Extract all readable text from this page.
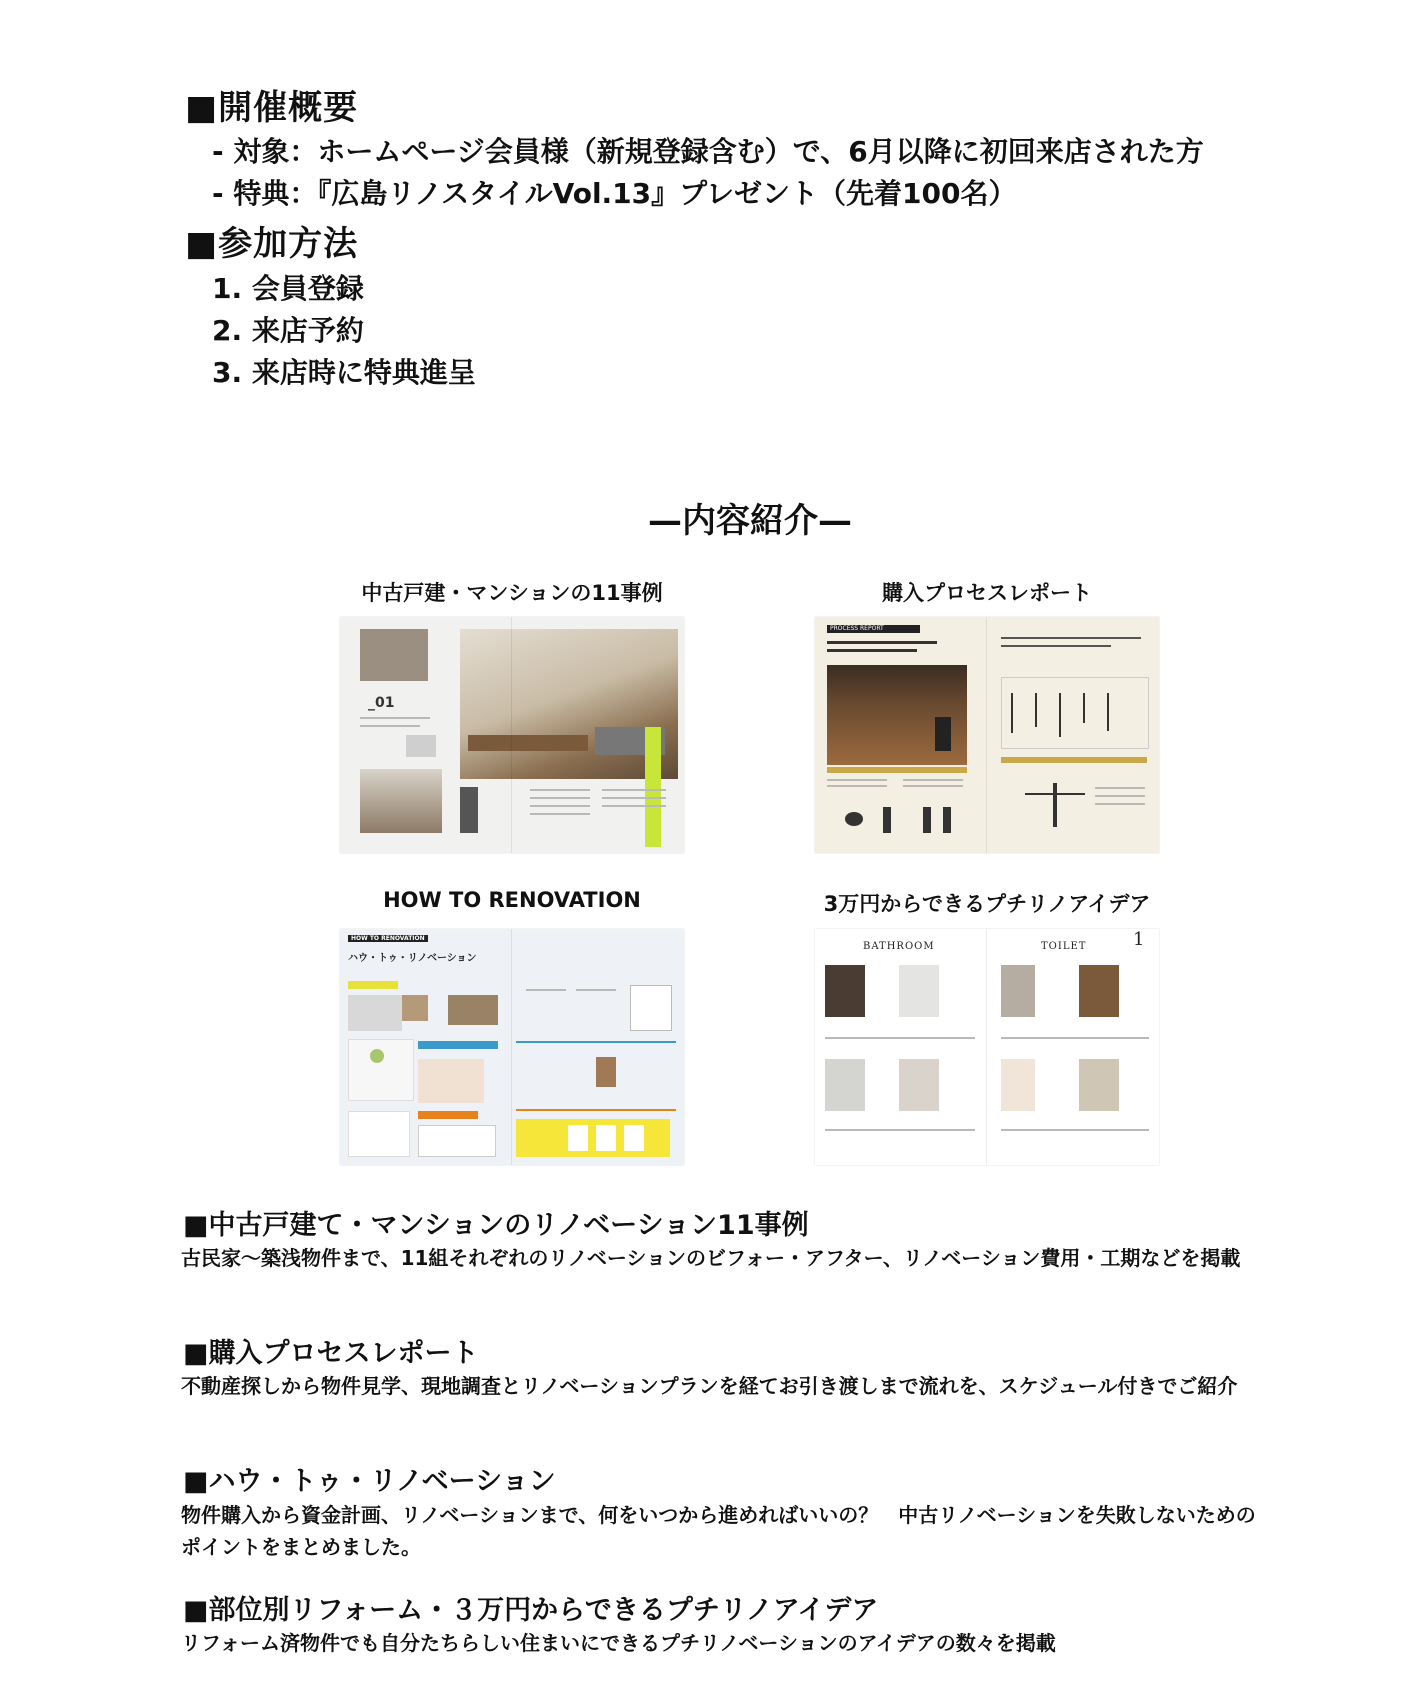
■開催概要
- 対象：ホームページ会員様（新規登録含む）で、6月以降に初回来店された方
- 特典：『広島リノスタイルVol.13』プレゼント（先着100名）
■参加方法
1. 会員登録
2. 来店予約
3. 来店時に特典進呈
—内容紹介—
中古戸建・マンションの11事例	購入プロセスレポート
HOW TO RENOVATION	3万円からできるプチリノアイデア
_01
PROCESS REPORT
HOW TO RENOVATION
ハウ・トゥ・リノベーション
BATHROOM	TOILET	1
■中古戸建て・マンションのリノベーション11事例
古民家〜築浅物件まで、11組それぞれのリノベーションのビフォー・アフター、リノベーション費用・工期などを掲載
■購入プロセスレポート
不動産探しから物件見学、現地調査とリノベーションプランを経てお引き渡しまで流れを、スケジュール付きでご紹介
■ハウ・トゥ・リノベーション
物件購入から資金計画、リノベーションまで、何をいつから進めればいいの？　中古リノベーションを失敗しないためのポイントをまとめました。
■部位別リフォーム・３万円からできるプチリノアイデア
リフォーム済物件でも自分たちらしい住まいにできるプチリノベーションのアイデアの数々を掲載
